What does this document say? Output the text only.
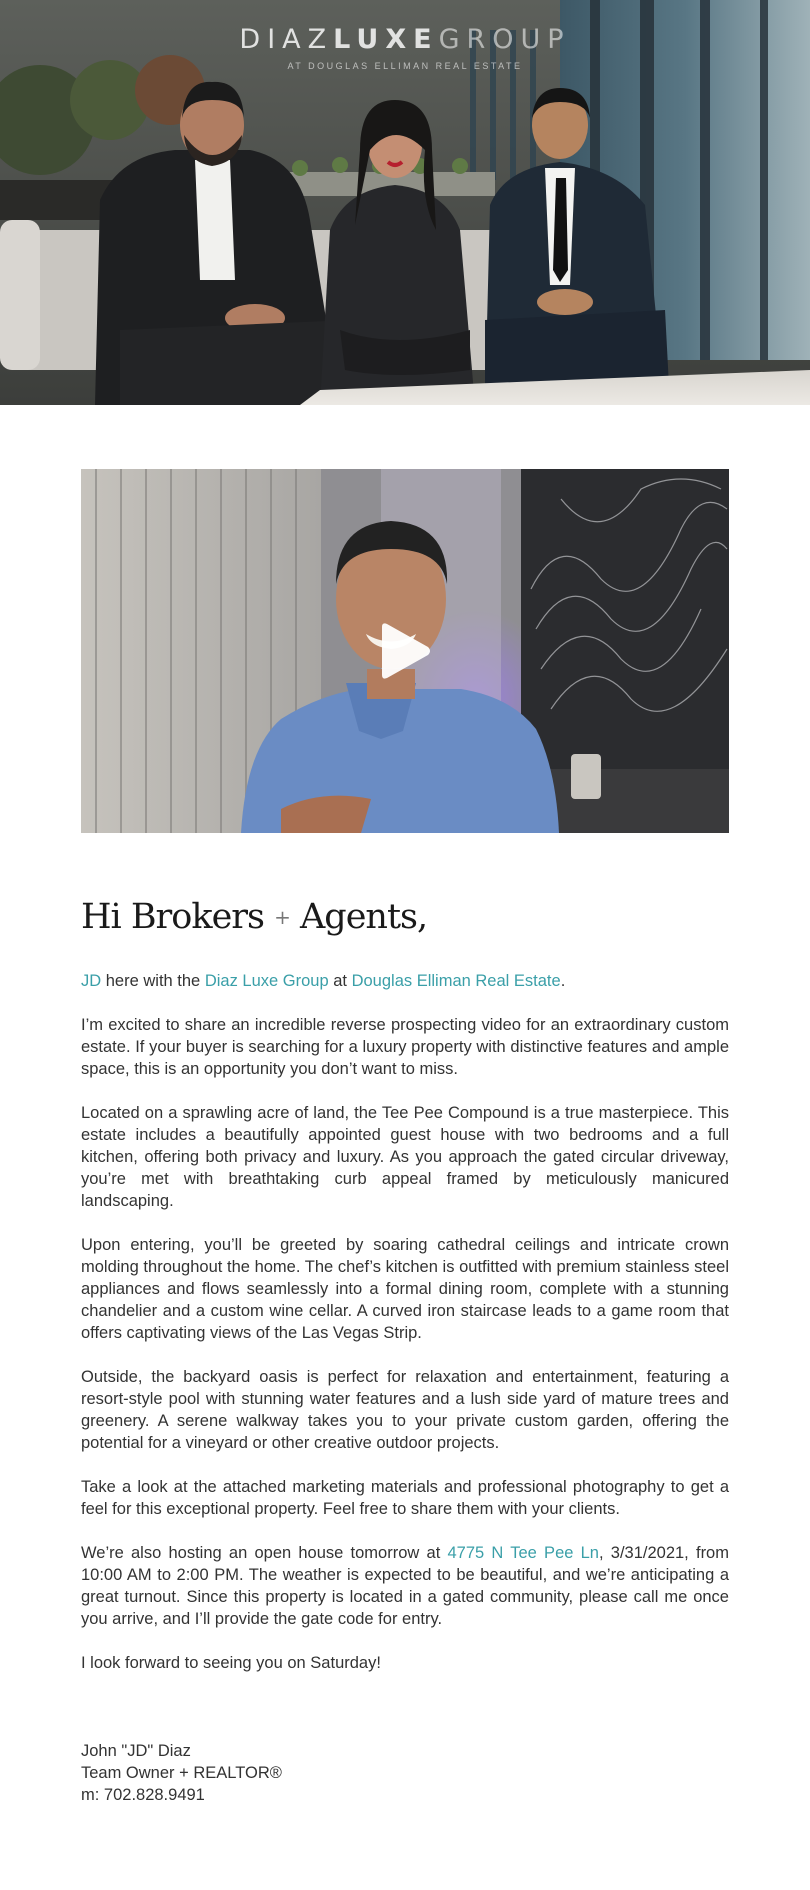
DIAZLUXEGROUP
AT DOUGLAS ELLIMAN REAL ESTATE
Hi Brokers + Agents,

JD here with the Diaz Luxe Group at Douglas Elliman Real Estate.

I’m excited to share an incredible reverse prospecting video for an extraordinary custom estate. If your buyer is searching for a luxury property with distinctive features and ample space, this is an opportunity you don’t want to miss.

Located on a sprawling acre of land, the Tee Pee Compound is a true masterpiece. This estate includes a beautifully appointed guest house with two bedrooms and a full kitchen, offering both privacy and luxury. As you approach the gated circular driveway, you’re met with breathtaking curb appeal framed by meticulously manicured landscaping.

Upon entering, you’ll be greeted by soaring cathedral ceilings and intricate crown molding throughout the home. The chef’s kitchen is outfitted with premium stainless steel appliances and flows seamlessly into a formal dining room, complete with a stunning chandelier and a custom wine cellar. A curved iron staircase leads to a game room that offers captivating views of the Las Vegas Strip.

Outside, the backyard oasis is perfect for relaxation and entertainment, featuring a resort-style pool with stunning water features and a lush side yard of mature trees and greenery. A serene walkway takes you to your private custom garden, offering the potential for a vineyard or other creative outdoor projects.

Take a look at the attached marketing materials and professional photography to get a feel for this exceptional property. Feel free to share them with your clients.

We’re also hosting an open house tomorrow at 4775 N Tee Pee Ln, 3/31/2021, from 10:00 AM to 2:00 PM. The weather is expected to be beautiful, and we’re anticipating a great turnout. Since this property is located in a gated community, please call me once you arrive, and I’ll provide the gate code for entry.

I look forward to seeing you on Saturday!

John "JD" Diaz
Team Owner + REALTOR®
m: 702.828.9491
